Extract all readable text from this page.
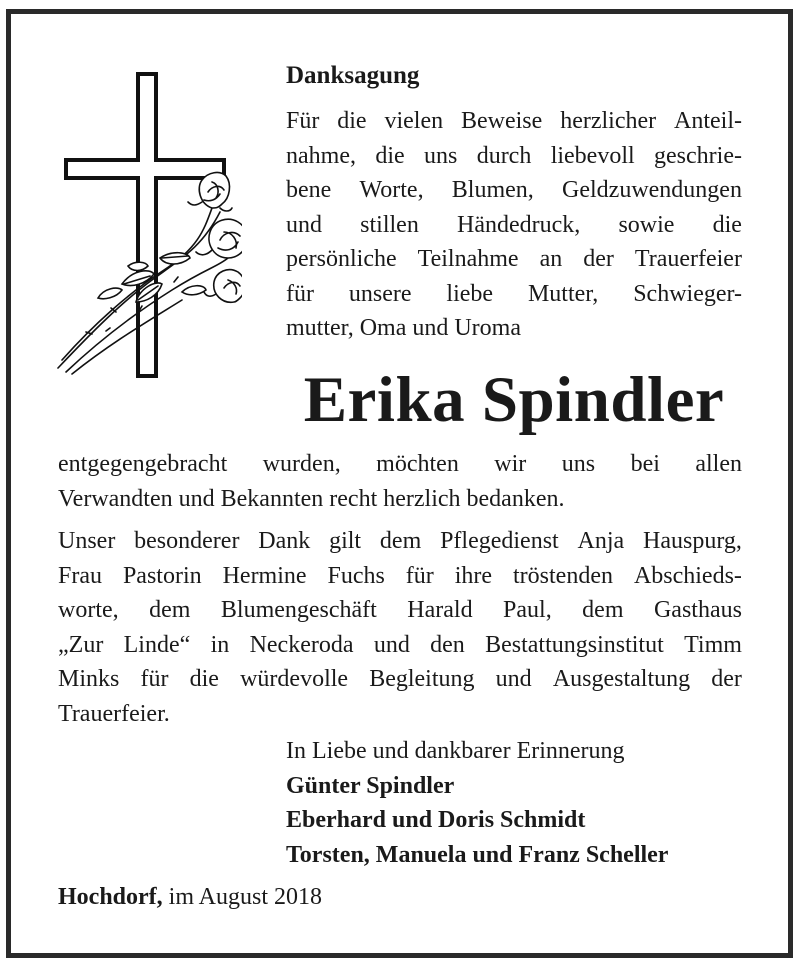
Danksagung
Für die vielen Beweise herzlicher Anteil-
nahme, die uns durch liebevoll geschrie-
bene Worte, Blumen, Geldzuwendungen
und stillen Händedruck, sowie die
persönliche Teilnahme an der Trauerfeier
für unsere liebe Mutter, Schwieger-
mutter, Oma und Uroma
Erika Spindler
entgegengebracht wurden, möchten wir uns bei allen
Verwandten und Bekannten recht herzlich bedanken.
Unser besonderer Dank gilt dem Pflegedienst Anja Hauspurg,
Frau Pastorin Hermine Fuchs für ihre tröstenden Abschieds-
worte, dem Blumengeschäft Harald Paul, dem Gasthaus
„Zur Linde“ in Neckeroda und den Bestattungsinstitut Timm
Minks für die würdevolle Begleitung und Ausgestaltung der
Trauerfeier.
In Liebe und dankbarer Erinnerung
Günter Spindler
Eberhard und Doris Schmidt
Torsten, Manuela und Franz Scheller
Hochdorf, im August 2018
